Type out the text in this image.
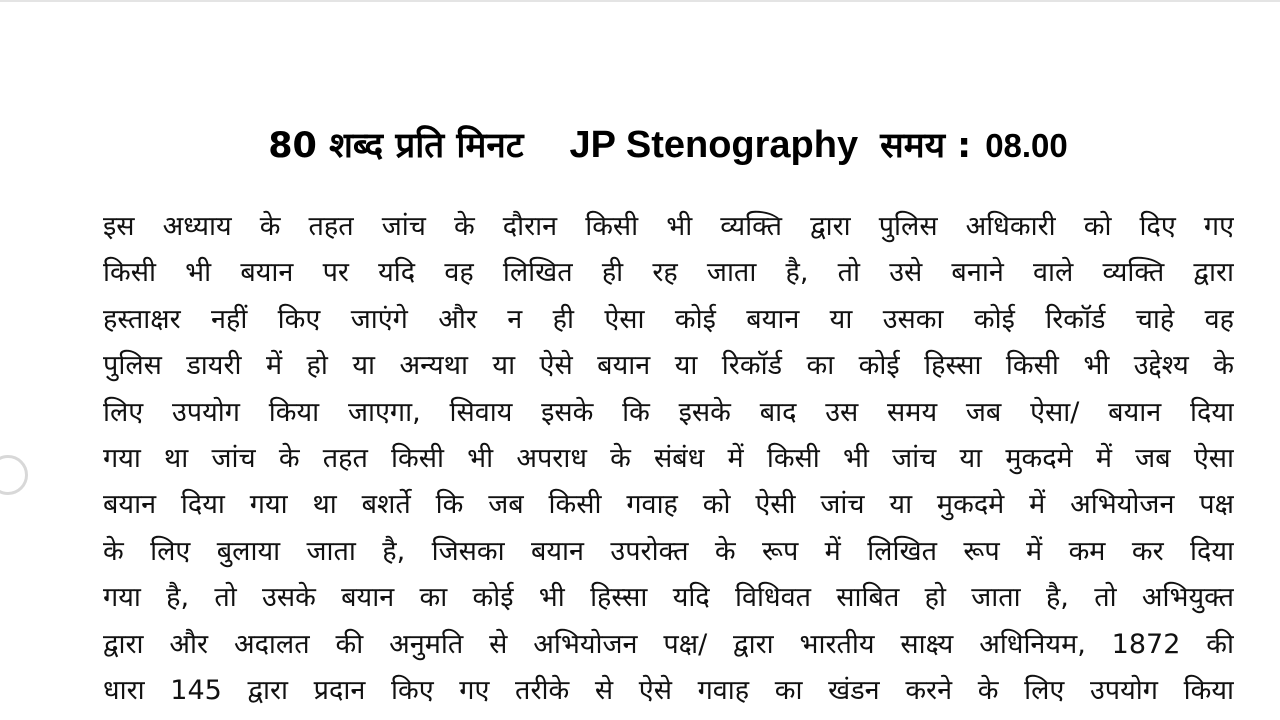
80 शब्द प्रति मिनट JP Stenography समय : 08.00
इस अध्याय के तहत जांच के दौरान किसी भी व्यक्ति द्वारा पुलिस अधिकारी को दिए गए
किसी भी बयान पर यदि वह लिखित ही रह जाता है, तो उसे बनाने वाले व्यक्ति द्वारा
हस्ताक्षर नहीं किए जाएंगे और न ही ऐसा कोई बयान या उसका कोई रिकॉर्ड चाहे वह
पुलिस डायरी में हो या अन्यथा या ऐसे बयान या रिकॉर्ड का कोई हिस्सा किसी भी उद्देश्य के
लिए उपयोग किया जाएगा, सिवाय इसके कि इसके बाद उस समय जब ऐसा/ बयान दिया
गया था जांच के तहत किसी भी अपराध के संबंध में किसी भी जांच या मुकदमे में जब ऐसा
बयान दिया गया था बशर्ते कि जब किसी गवाह को ऐसी जांच या मुकदमे में अभियोजन पक्ष
के लिए बुलाया जाता है, जिसका बयान उपरोक्त के रूप में लिखित रूप में कम कर दिया
गया है, तो उसके बयान का कोई भी हिस्सा यदि विधिवत साबित हो जाता है, तो अभियुक्त
द्वारा और अदालत की अनुमति से अभियोजन पक्ष/ द्वारा भारतीय साक्ष्य अधिनियम, 1872 की
धारा 145 द्वारा प्रदान किए गए तरीके से ऐसे गवाह का खंडन करने के लिए उपयोग किया
